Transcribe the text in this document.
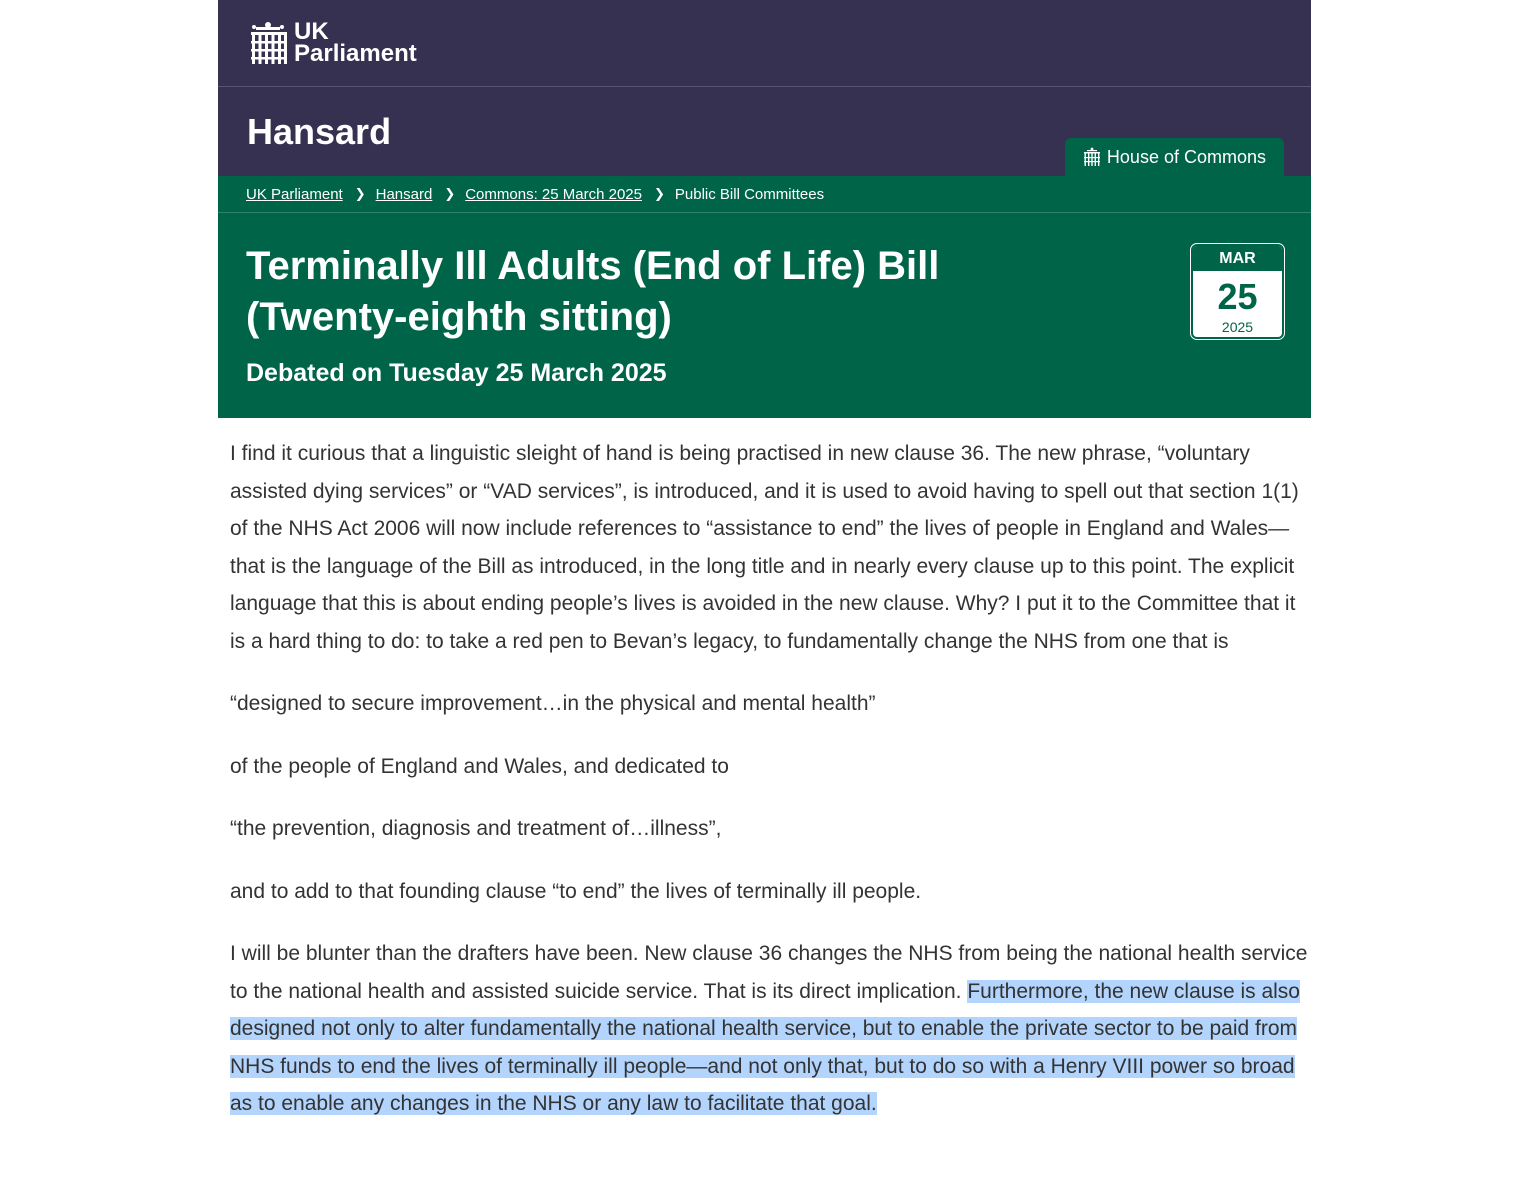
UK
Parliament
Hansard
House of Commons
UK Parliament ❯ Hansard ❯ Commons: 25 March 2025 ❯ Public Bill Committees
Terminally Ill Adults (End of Life) Bill
(Twenty-eighth sitting)

Debated on Tuesday 25 March 2025

MAR
25
2025

I find it curious that a linguistic sleight of hand is being practised in new clause 36. The new phrase, “voluntary assisted dying services” or “VAD services”, is introduced, and it is used to avoid having to spell out that section 1(1) of the NHS Act 2006 will now include references to “assistance to end” the lives of people in England and Wales—that is the language of the Bill as introduced, in the long title and in nearly every clause up to this point. The explicit language that this is about ending people’s lives is avoided in the new clause. Why? I put it to the Committee that it is a hard thing to do: to take a red pen to Bevan’s legacy, to fundamentally change the NHS from one that is

“designed to secure improvement…in the physical and mental health”

of the people of England and Wales, and dedicated to

“the prevention, diagnosis and treatment of…illness”,

and to add to that founding clause “to end” the lives of terminally ill people.

I will be blunter than the drafters have been. New clause 36 changes the NHS from being the national health service to the national health and assisted suicide service. That is its direct implication. Furthermore, the new clause is also designed not only to alter fundamentally the national health service, but to enable the private sector to be paid from NHS funds to end the lives of terminally ill people—and not only that, but to do so with a Henry VIII power so broad as to enable any changes in the NHS or any law to facilitate that goal.
